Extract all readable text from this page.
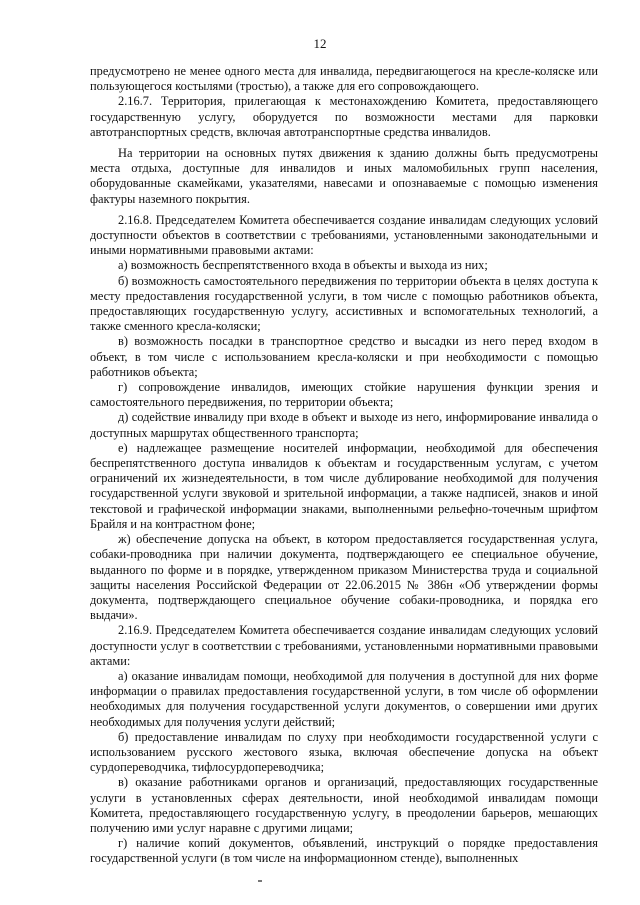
12

предусмотрено не менее одного места для инвалида, передвигающегося на кресле-коляске или пользующегося костылями (тростью), а также для его сопровождающего.

2.16.7. Территория, прилегающая к местонахождению Комитета, предоставляющего государственную услугу, оборудуется по возможности местами для парковки автотранспортных средств, включая автотранспортные средства инвалидов.

На территории на основных путях движения к зданию должны быть предусмотрены места отдыха, доступные для инвалидов и иных маломобильных групп населения, оборудованные скамейками, указателями, навесами и опознаваемые с помощью изменения фактуры наземного покрытия.

2.16.8. Председателем Комитета обеспечивается создание инвалидам следующих условий доступности объектов в соответствии с требованиями, установленными законодательными и иными нормативными правовыми актами:

а) возможность беспрепятственного входа в объекты и выхода из них;

б) возможность самостоятельного передвижения по территории объекта в целях доступа к месту предоставления государственной услуги, в том числе с помощью работников объекта, предоставляющих государственную услугу, ассистивных и вспомогательных технологий, а также сменного кресла-коляски;

в) возможность посадки в транспортное средство и высадки из него перед входом в объект, в том числе с использованием кресла-коляски и при необходимости с помощью работников объекта;

г) сопровождение инвалидов, имеющих стойкие нарушения функции зрения и самостоятельного передвижения, по территории объекта;

д) содействие инвалиду при входе в объект и выходе из него, информирование инвалида о доступных маршрутах общественного транспорта;

е) надлежащее размещение носителей информации, необходимой для обеспечения беспрепятственного доступа инвалидов к объектам и государственным услугам, с учетом ограничений их жизнедеятельности, в том числе дублирование необходимой для получения государственной услуги звуковой и зрительной информации, а также надписей, знаков и иной текстовой и графической информации знаками, выполненными рельефно-точечным шрифтом Брайля и на контрастном фоне;

ж) обеспечение допуска на объект, в котором предоставляется государственная услуга, собаки-проводника при наличии документа, подтверждающего ее специальное обучение, выданного по форме и в порядке, утвержденном приказом Министерства труда и социальной защиты населения Российской Федерации от 22.06.2015 № 386н «Об утверждении формы документа, подтверждающего специальное обучение собаки-проводника, и порядка его выдачи».

2.16.9. Председателем Комитета обеспечивается создание инвалидам следующих условий доступности услуг в соответствии с требованиями, установленными нормативными правовыми актами:

а) оказание инвалидам помощи, необходимой для получения в доступной для них форме информации о правилах предоставления государственной услуги, в том числе об оформлении необходимых для получения государственной услуги документов, о совершении ими других необходимых для получения услуги действий;

б) предоставление инвалидам по слуху при необходимости государственной услуги с использованием русского жестового языка, включая обеспечение допуска на объект сурдопереводчика, тифлосурдопереводчика;

в) оказание работниками органов и организаций, предоставляющих государственные услуги в установленных сферах деятельности, иной необходимой инвалидам помощи Комитета, предоставляющего государственную услугу, в преодолении барьеров, мешающих получению ими услуг наравне с другими лицами;

г) наличие копий документов, объявлений, инструкций о порядке предоставления государственной услуги (в том числе на информационном стенде), выполненных
